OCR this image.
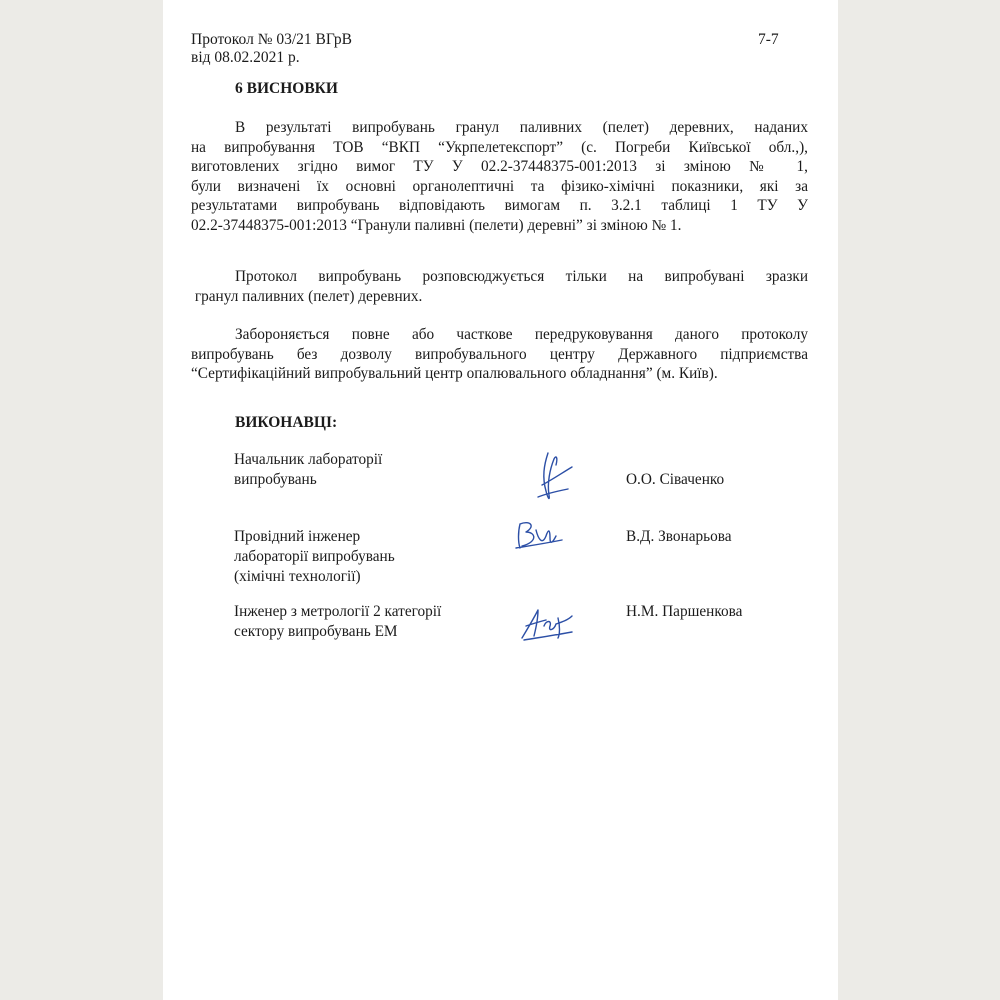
Протокол № 03/21 ВГрВ
від 08.02.2021 р.
7-7
6 ВИСНОВКИ
В результаті випробувань гранул паливних (пелет) деревних, наданих
на випробування ТОВ “ВКП “Укрпелетекспорт” (с. Погреби Київської обл.,),
виготовлених згідно вимог ТУ У 02.2-37448375-001:2013 зі зміною № 1,
були визначені їх основні органолептичні та фізико-хімічні показники, які за
результатами випробувань відповідають вимогам п. 3.2.1 таблиці 1 ТУ У
02.2-37448375-001:2013 “Гранули паливні (пелети) деревні” зі зміною № 1.
Протокол випробувань розповсюджується тільки на випробувані зразки
гранул паливних (пелет) деревних.
Забороняється повне або часткове передруковування даного протоколу
випробувань без дозволу випробувального центру Державного підприємства
“Сертифікаційний випробувальний центр опалювального обладнання” (м. Київ).
ВИКОНАВЦІ:
Начальник лабораторії
випробувань	О.О. Сіваченко
Провідний інженер
лабораторії випробувань
(хімічні технології)
В.Д. Звонарьова
Інженер з метрології 2 категорії
сектору випробувань ЕМ
Н.М. Паршенкова
